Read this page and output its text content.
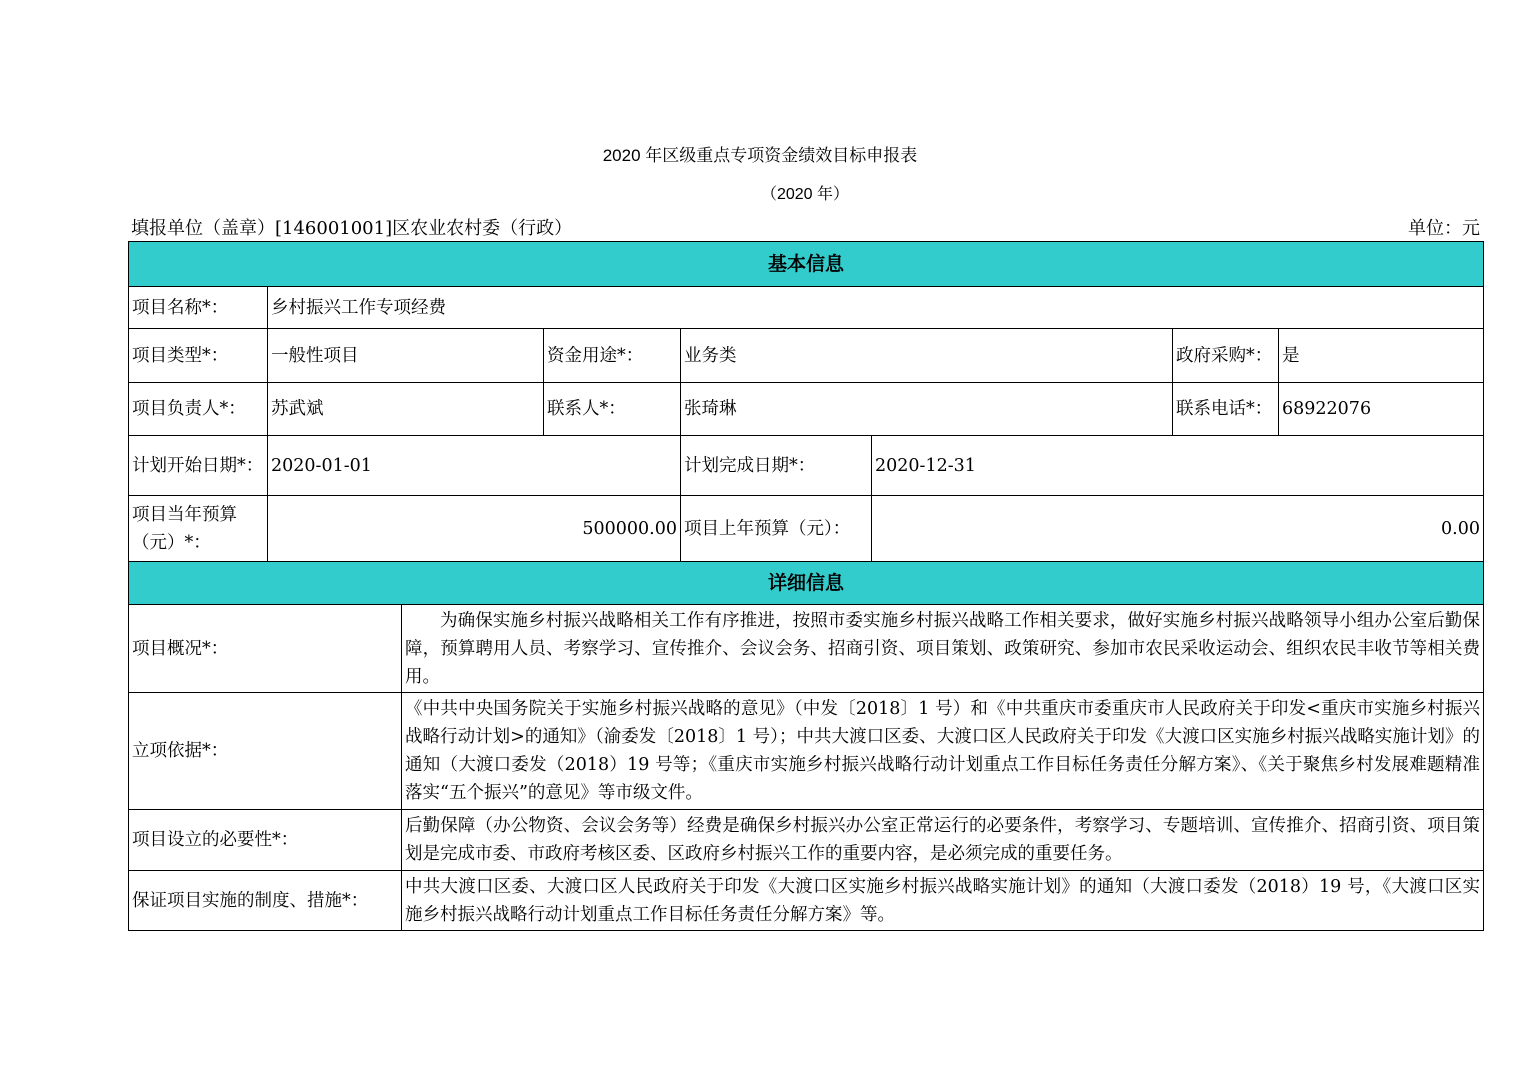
2020 年区级重点专项资金绩效目标申报表
（2020 年）
填报单位（盖章）[146001001]区农业农村委（行政）	单位：元
基本信息							
项目名称*：	乡村振兴工作专项经费						
项目类型*：	一般性项目		资金用途*：	业务类		政府采购*：	是
项目负责人*：	苏武斌		联系人*：	张琦琳		联系电话*：	68922076
计划开始日期*：	2020-01-01			计划完成日期*：	2020-12-31		
项目当年预算（元）*：	500000.00			项目上年预算（元）：	0.00		
详细信息							
项目概况*：		为确保实施乡村振兴战略相关工作有序推进，按照市委实施乡村振兴战略工作相关要求，做好实施乡村振兴战略领导小组办公室后勤保障，预算聘用人员、考察学习、宣传推介、会议会务、招商引资、项目策划、政策研究、参加市农民采收运动会、组织农民丰收节等相关费用。					
立项依据*：		《中共中央国务院关于实施乡村振兴战略的意见》（中发〔2018〕1 号）和《中共重庆市委重庆市人民政府关于印发<重庆市实施乡村振兴战略行动计划>的通知》（渝委发〔2018〕1 号）；中共大渡口区委、大渡口区人民政府关于印发《大渡口区实施乡村振兴战略实施计划》的通知（大渡口委发（2018）19 号等；《重庆市实施乡村振兴战略行动计划重点工作目标任务责任分解方案》、《关于聚焦乡村发展难题精准落实“五个振兴”的意见》等市级文件。					
项目设立的必要性*：		后勤保障（办公物资、会议会务等）经费是确保乡村振兴办公室正常运行的必要条件，考察学习、专题培训、宣传推介、招商引资、项目策划是完成市委、市政府考核区委、区政府乡村振兴工作的重要内容，是必须完成的重要任务。					
保证项目实施的制度、措施*：		中共大渡口区委、大渡口区人民政府关于印发《大渡口区实施乡村振兴战略实施计划》的通知（大渡口委发（2018）19 号，《大渡口区实施乡村振兴战略行动计划重点工作目标任务责任分解方案》等。					
